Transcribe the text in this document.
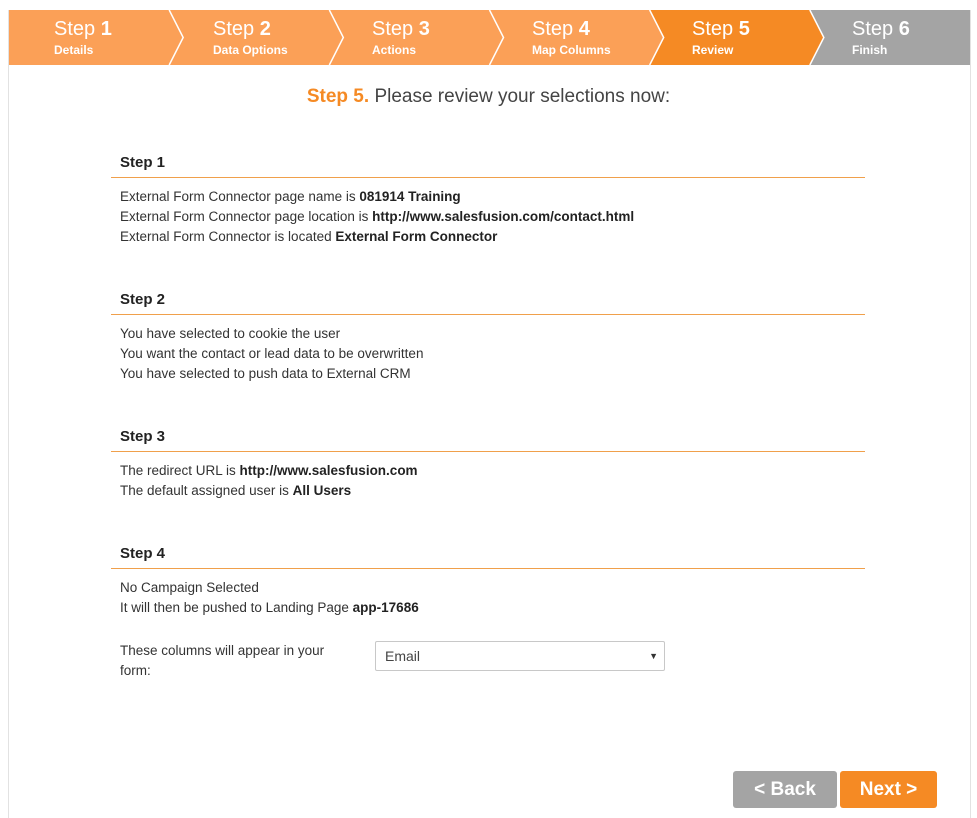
Step 1
Details
Step 2
Data Options
Step 3
Actions
Step 4
Map Columns
Step 5
Review
Step 6
Finish
Step 5. Please review your selections now:
Step 1
External Form Connector page name is 081914 Training
External Form Connector page location is http://www.salesfusion.com/contact.html
External Form Connector is located External Form Connector
Step 2
You have selected to cookie the user
You want the contact or lead data to be overwritten
You have selected to push data to External CRM
Step 3
The redirect URL is http://www.salesfusion.com
The default assigned user is All Users
Step 4
No Campaign Selected
It will then be pushed to Landing Page app-17686
These columns will appear in your form:
Email	▼
< Back	Next >
